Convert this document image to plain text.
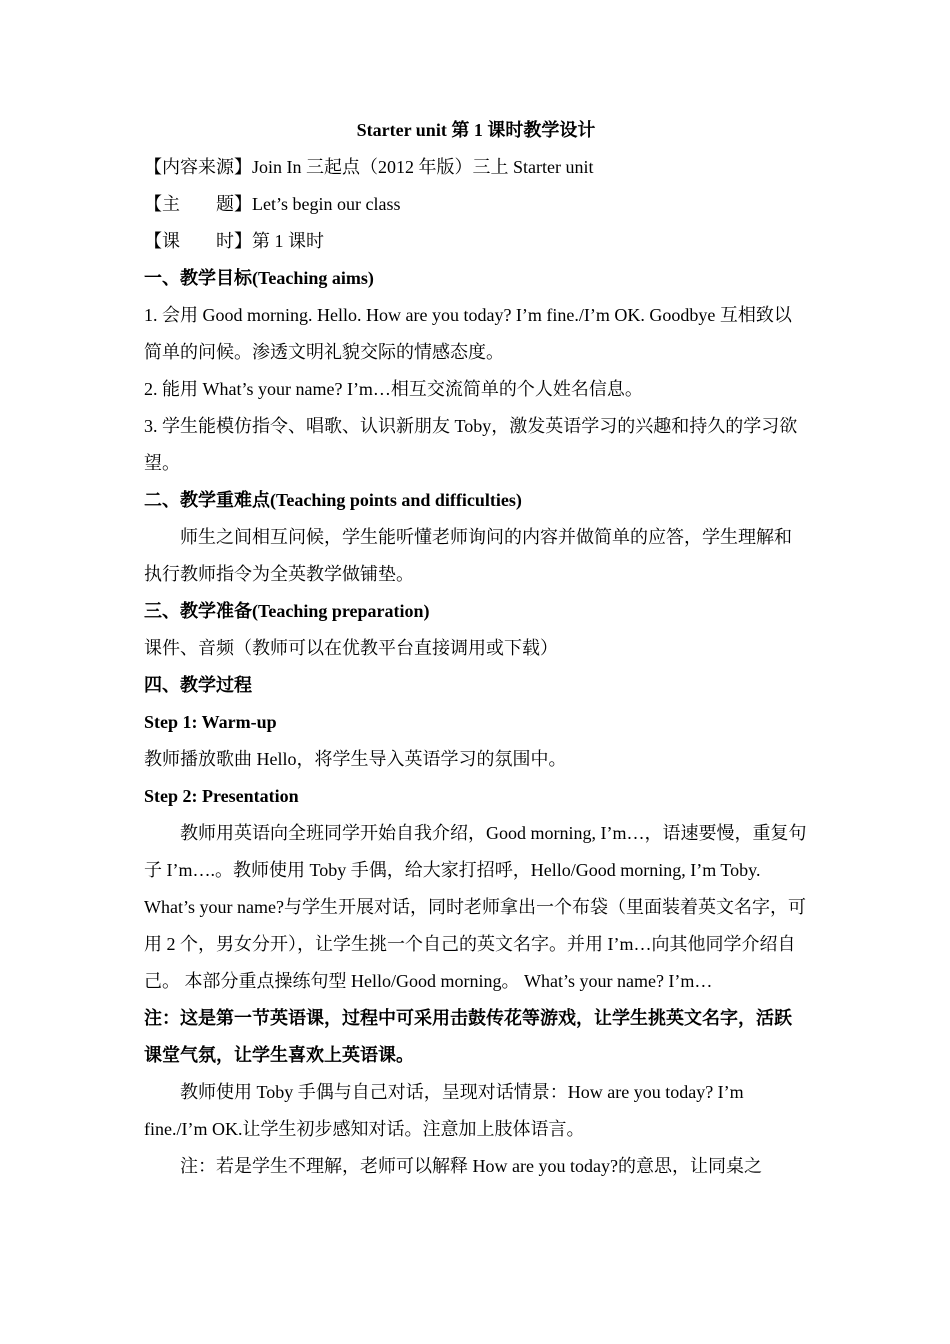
Starter unit 第 1 课时教学设计

【内容来源】Join In 三起点（2012 年版）三上 Starter unit

【主　　题】Let’s begin our class

【课　　时】第 1 课时

一、教学目标(Teaching aims)

1. 会用 Good morning. Hello. How are you today? I’m fine./I’m OK. Goodbye 互相致以简单的问候。渗透文明礼貌交际的情感态度。

2. 能用 What’s your name? I’m…相互交流简单的个人姓名信息。

3. 学生能模仿指令、唱歌、认识新朋友 Toby，激发英语学习的兴趣和持久的学习欲望。

二、教学重难点(Teaching points and difficulties)

师生之间相互问候，学生能听懂老师询问的内容并做简单的应答，学生理解和执行教师指令为全英教学做铺垫。

三、教学准备(Teaching preparation)

课件、音频（教师可以在优教平台直接调用或下载）

四、教学过程

Step 1: Warm-up

教师播放歌曲 Hello，将学生导入英语学习的氛围中。

Step 2: Presentation

教师用英语向全班同学开始自我介绍，Good morning, I’m…，语速要慢，重复句子 I’m….。教师使用 Toby 手偶，给大家打招呼，Hello/Good morning, I’m Toby. What’s your name?与学生开展对话，同时老师拿出一个布袋（里面装着英文名字，可用 2 个，男女分开），让学生挑一个自己的英文名字。并用 I’m…向其他同学介绍自己。 本部分重点操练句型 Hello/Good morning。 What’s your name? I’m…

注：这是第一节英语课，过程中可采用击鼓传花等游戏，让学生挑英文名字，活跃课堂气氛，让学生喜欢上英语课。

教师使用 Toby 手偶与自己对话，呈现对话情景：How are you today? I’m fine./I’m OK.让学生初步感知对话。注意加上肢体语言。

注：若是学生不理解，老师可以解释 How are you today?的意思，让同桌之
